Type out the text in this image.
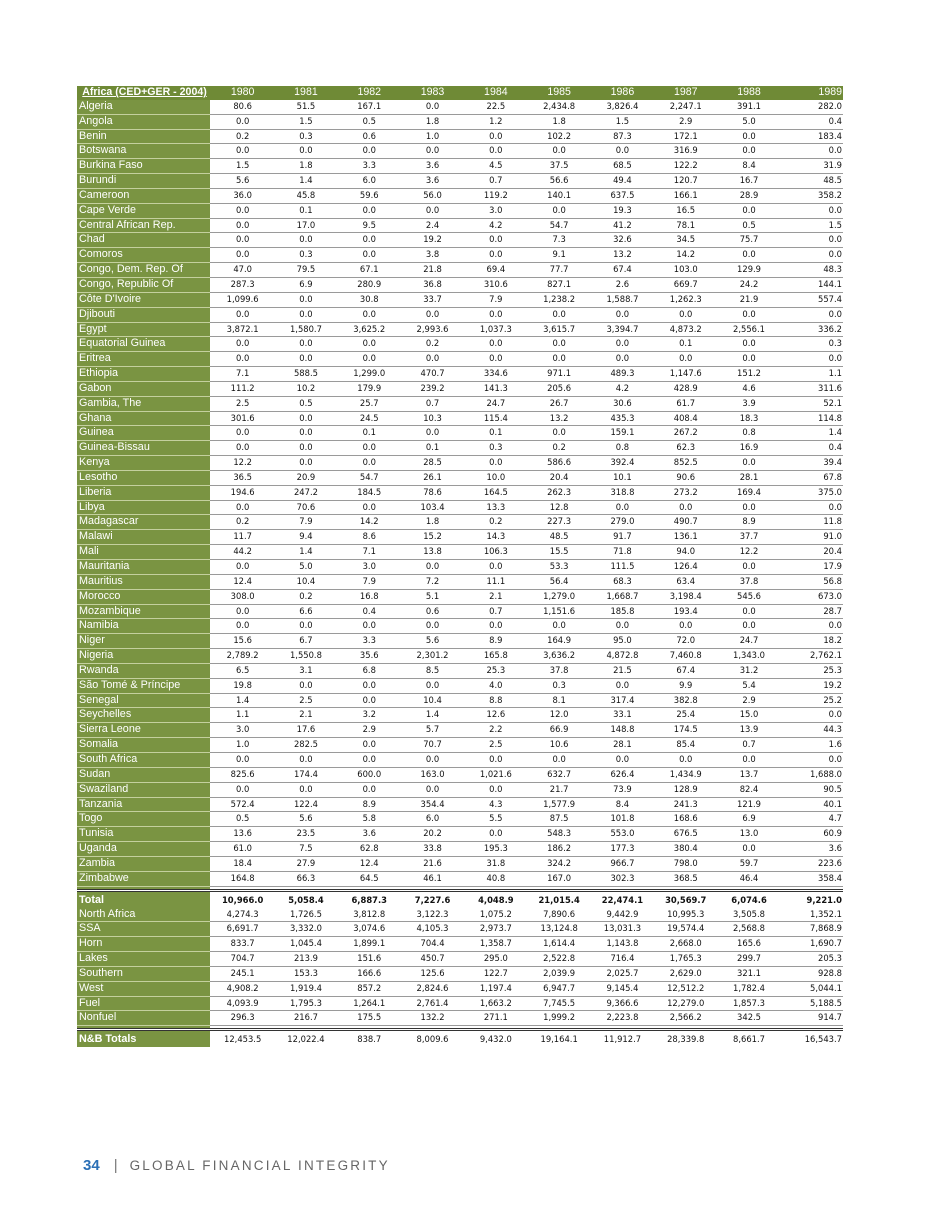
Africa (CED+GER - 2004)	1980	1981	1982	1983	1984	1985	1986	1987	1988	1989
Algeria	80.6	51.5	167.1	0.0	22.5	2,434.8	3,826.4	2,247.1	391.1	282.0
Angola	0.0	1.5	0.5	1.8	1.2	1.8	1.5	2.9	5.0	0.4
Benin	0.2	0.3	0.6	1.0	0.0	102.2	87.3	172.1	0.0	183.4
Botswana	0.0	0.0	0.0	0.0	0.0	0.0	0.0	316.9	0.0	0.0
Burkina Faso	1.5	1.8	3.3	3.6	4.5	37.5	68.5	122.2	8.4	31.9
Burundi	5.6	1.4	6.0	3.6	0.7	56.6	49.4	120.7	16.7	48.5
Cameroon	36.0	45.8	59.6	56.0	119.2	140.1	637.5	166.1	28.9	358.2
Cape Verde	0.0	0.1	0.0	0.0	3.0	0.0	19.3	16.5	0.0	0.0
Central African Rep.	0.0	17.0	9.5	2.4	4.2	54.7	41.2	78.1	0.5	1.5
Chad	0.0	0.0	0.0	19.2	0.0	7.3	32.6	34.5	75.7	0.0
Comoros	0.0	0.3	0.0	3.8	0.0	9.1	13.2	14.2	0.0	0.0
Congo, Dem. Rep. Of	47.0	79.5	67.1	21.8	69.4	77.7	67.4	103.0	129.9	48.3
Congo, Republic Of	287.3	6.9	280.9	36.8	310.6	827.1	2.6	669.7	24.2	144.1
Côte D'Ivoire	1,099.6	0.0	30.8	33.7	7.9	1,238.2	1,588.7	1,262.3	21.9	557.4
Djibouti	0.0	0.0	0.0	0.0	0.0	0.0	0.0	0.0	0.0	0.0
Egypt	3,872.1	1,580.7	3,625.2	2,993.6	1,037.3	3,615.7	3,394.7	4,873.2	2,556.1	336.2
Equatorial Guinea	0.0	0.0	0.0	0.2	0.0	0.0	0.0	0.1	0.0	0.3
Eritrea	0.0	0.0	0.0	0.0	0.0	0.0	0.0	0.0	0.0	0.0
Ethiopia	7.1	588.5	1,299.0	470.7	334.6	971.1	489.3	1,147.6	151.2	1.1
Gabon	111.2	10.2	179.9	239.2	141.3	205.6	4.2	428.9	4.6	311.6
Gambia, The	2.5	0.5	25.7	0.7	24.7	26.7	30.6	61.7	3.9	52.1
Ghana	301.6	0.0	24.5	10.3	115.4	13.2	435.3	408.4	18.3	114.8
Guinea	0.0	0.0	0.1	0.0	0.1	0.0	159.1	267.2	0.8	1.4
Guinea-Bissau	0.0	0.0	0.0	0.1	0.3	0.2	0.8	62.3	16.9	0.4
Kenya	12.2	0.0	0.0	28.5	0.0	586.6	392.4	852.5	0.0	39.4
Lesotho	36.5	20.9	54.7	26.1	10.0	20.4	10.1	90.6	28.1	67.8
Liberia	194.6	247.2	184.5	78.6	164.5	262.3	318.8	273.2	169.4	375.0
Libya	0.0	70.6	0.0	103.4	13.3	12.8	0.0	0.0	0.0	0.0
Madagascar	0.2	7.9	14.2	1.8	0.2	227.3	279.0	490.7	8.9	11.8
Malawi	11.7	9.4	8.6	15.2	14.3	48.5	91.7	136.1	37.7	91.0
Mali	44.2	1.4	7.1	13.8	106.3	15.5	71.8	94.0	12.2	20.4
Mauritania	0.0	5.0	3.0	0.0	0.0	53.3	111.5	126.4	0.0	17.9
Mauritius	12.4	10.4	7.9	7.2	11.1	56.4	68.3	63.4	37.8	56.8
Morocco	308.0	0.2	16.8	5.1	2.1	1,279.0	1,668.7	3,198.4	545.6	673.0
Mozambique	0.0	6.6	0.4	0.6	0.7	1,151.6	185.8	193.4	0.0	28.7
Namibia	0.0	0.0	0.0	0.0	0.0	0.0	0.0	0.0	0.0	0.0
Niger	15.6	6.7	3.3	5.6	8.9	164.9	95.0	72.0	24.7	18.2
Nigeria	2,789.2	1,550.8	35.6	2,301.2	165.8	3,636.2	4,872.8	7,460.8	1,343.0	2,762.1
Rwanda	6.5	3.1	6.8	8.5	25.3	37.8	21.5	67.4	31.2	25.3
São Tomé & Príncipe	19.8	0.0	0.0	0.0	4.0	0.3	0.0	9.9	5.4	19.2
Senegal	1.4	2.5	0.0	10.4	8.8	8.1	317.4	382.8	2.9	25.2
Seychelles	1.1	2.1	3.2	1.4	12.6	12.0	33.1	25.4	15.0	0.0
Sierra Leone	3.0	17.6	2.9	5.7	2.2	66.9	148.8	174.5	13.9	44.3
Somalia	1.0	282.5	0.0	70.7	2.5	10.6	28.1	85.4	0.7	1.6
South Africa	0.0	0.0	0.0	0.0	0.0	0.0	0.0	0.0	0.0	0.0
Sudan	825.6	174.4	600.0	163.0	1,021.6	632.7	626.4	1,434.9	13.7	1,688.0
Swaziland	0.0	0.0	0.0	0.0	0.0	21.7	73.9	128.9	82.4	90.5
Tanzania	572.4	122.4	8.9	354.4	4.3	1,577.9	8.4	241.3	121.9	40.1
Togo	0.5	5.6	5.8	6.0	5.5	87.5	101.8	168.6	6.9	4.7
Tunisia	13.6	23.5	3.6	20.2	0.0	548.3	553.0	676.5	13.0	60.9
Uganda	61.0	7.5	62.8	33.8	195.3	186.2	177.3	380.4	0.0	3.6
Zambia	18.4	27.9	12.4	21.6	31.8	324.2	966.7	798.0	59.7	223.6
Zimbabwe	164.8	66.3	64.5	46.1	40.8	167.0	302.3	368.5	46.4	358.4

Total	10,966.0	5,058.4	6,887.3	7,227.6	4,048.9	21,015.4	22,474.1	30,569.7	6,074.6	9,221.0
North Africa	4,274.3	1,726.5	3,812.8	3,122.3	1,075.2	7,890.6	9,442.9	10,995.3	3,505.8	1,352.1
SSA	6,691.7	3,332.0	3,074.6	4,105.3	2,973.7	13,124.8	13,031.3	19,574.4	2,568.8	7,868.9
Horn	833.7	1,045.4	1,899.1	704.4	1,358.7	1,614.4	1,143.8	2,668.0	165.6	1,690.7
Lakes	704.7	213.9	151.6	450.7	295.0	2,522.8	716.4	1,765.3	299.7	205.3
Southern	245.1	153.3	166.6	125.6	122.7	2,039.9	2,025.7	2,629.0	321.1	928.8
West	4,908.2	1,919.4	857.2	2,824.6	1,197.4	6,947.7	9,145.4	12,512.2	1,782.4	5,044.1
Fuel	4,093.9	1,795.3	1,264.1	2,761.4	1,663.2	7,745.5	9,366.6	12,279.0	1,857.3	5,188.5
Nonfuel	296.3	216.7	175.5	132.2	271.1	1,999.2	2,223.8	2,566.2	342.5	914.7

N&B Totals	12,453.5	12,022.4	838.7	8,009.6	9,432.0	19,164.1	11,912.7	28,339.8	8,661.7	16,543.7
34 | GLOBAL FINANCIAL INTEGRITY
